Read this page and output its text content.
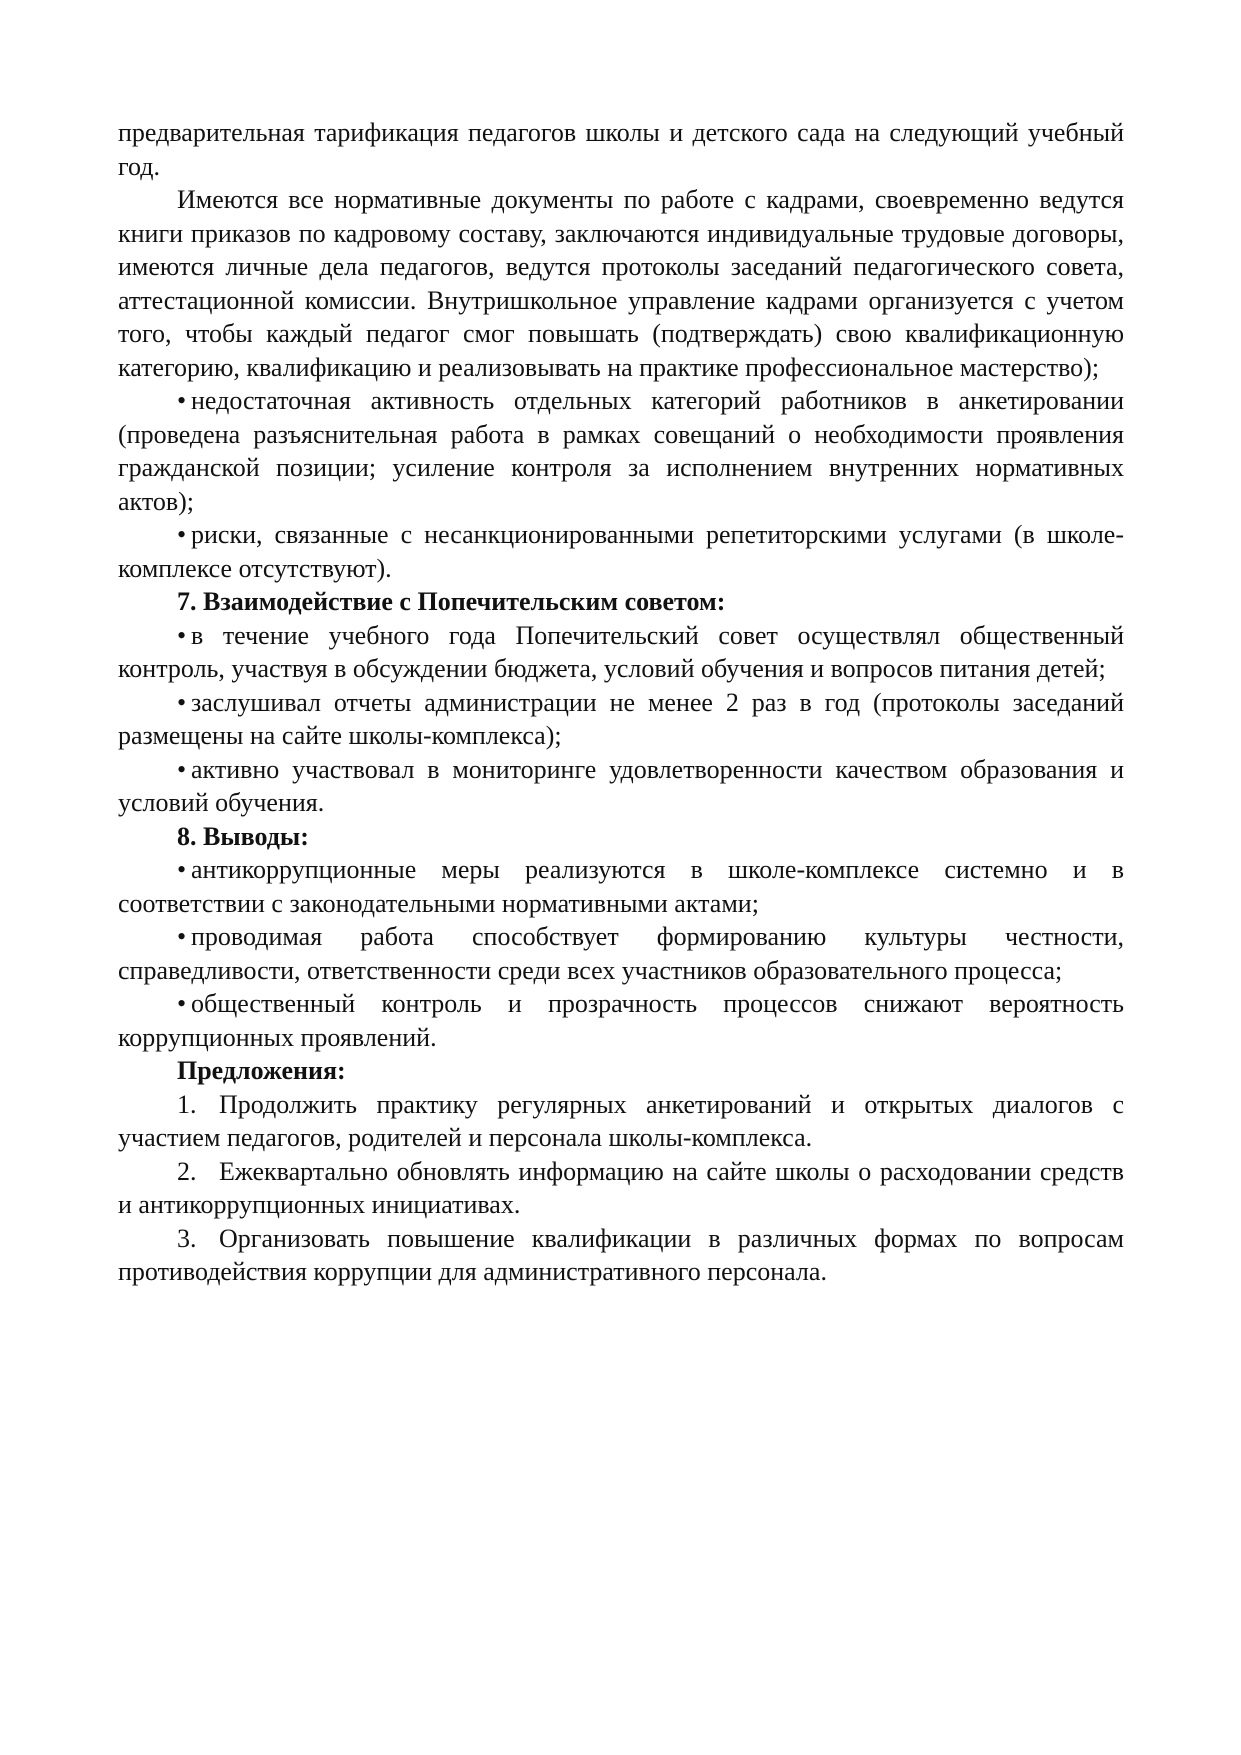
предварительная тарификация педагогов школы и детского сада на следующий учебный год.

Имеются все нормативные документы по работе с кадрами, своевременно ведутся книги приказов по кадровому составу, заключаются индивидуальные трудовые договоры, имеются личные дела педагогов, ведутся протоколы заседаний педагогического совета, аттестационной комиссии. Внутришкольное управление кадрами организуется с учетом того, чтобы каждый педагог смог повышать (подтверждать) свою квалификационную категорию, квалификацию и реализовывать на практике профессиональное мастерство);

• недостаточная активность отдельных категорий работников в анкетировании (проведена разъяснительная работа в рамках совещаний о необходимости проявления гражданской позиции; усиление контроля за исполнением внутренних нормативных актов);

• риски, связанные с несанкционированными репетиторскими услугами (в школе-комплексе отсутствуют).

7. Взаимодействие с Попечительским советом:

• в течение учебного года Попечительский совет осуществлял общественный контроль, участвуя в обсуждении бюджета, условий обучения и вопросов питания детей;

• заслушивал отчеты администрации не менее 2 раз в год (протоколы заседаний размещены на сайте школы-комплекса);

• активно участвовал в мониторинге удовлетворенности качеством образования и условий обучения.

8. Выводы:

• антикоррупционные меры реализуются в школе-комплексе системно и в соответствии с законодательными нормативными актами;

• проводимая работа способствует формированию культуры честности, справедливости, ответственности среди всех участников образовательного процесса;

• общественный контроль и прозрачность процессов снижают вероятность коррупционных проявлений.

Предложения:

1. Продолжить практику регулярных анкетирований и открытых диалогов с участием педагогов, родителей и персонала школы-комплекса.

2. Ежеквартально обновлять информацию на сайте школы о расходовании средств и антикоррупционных инициативах.

3. Организовать повышение квалификации в различных формах по вопросам противодействия коррупции для административного персонала.
